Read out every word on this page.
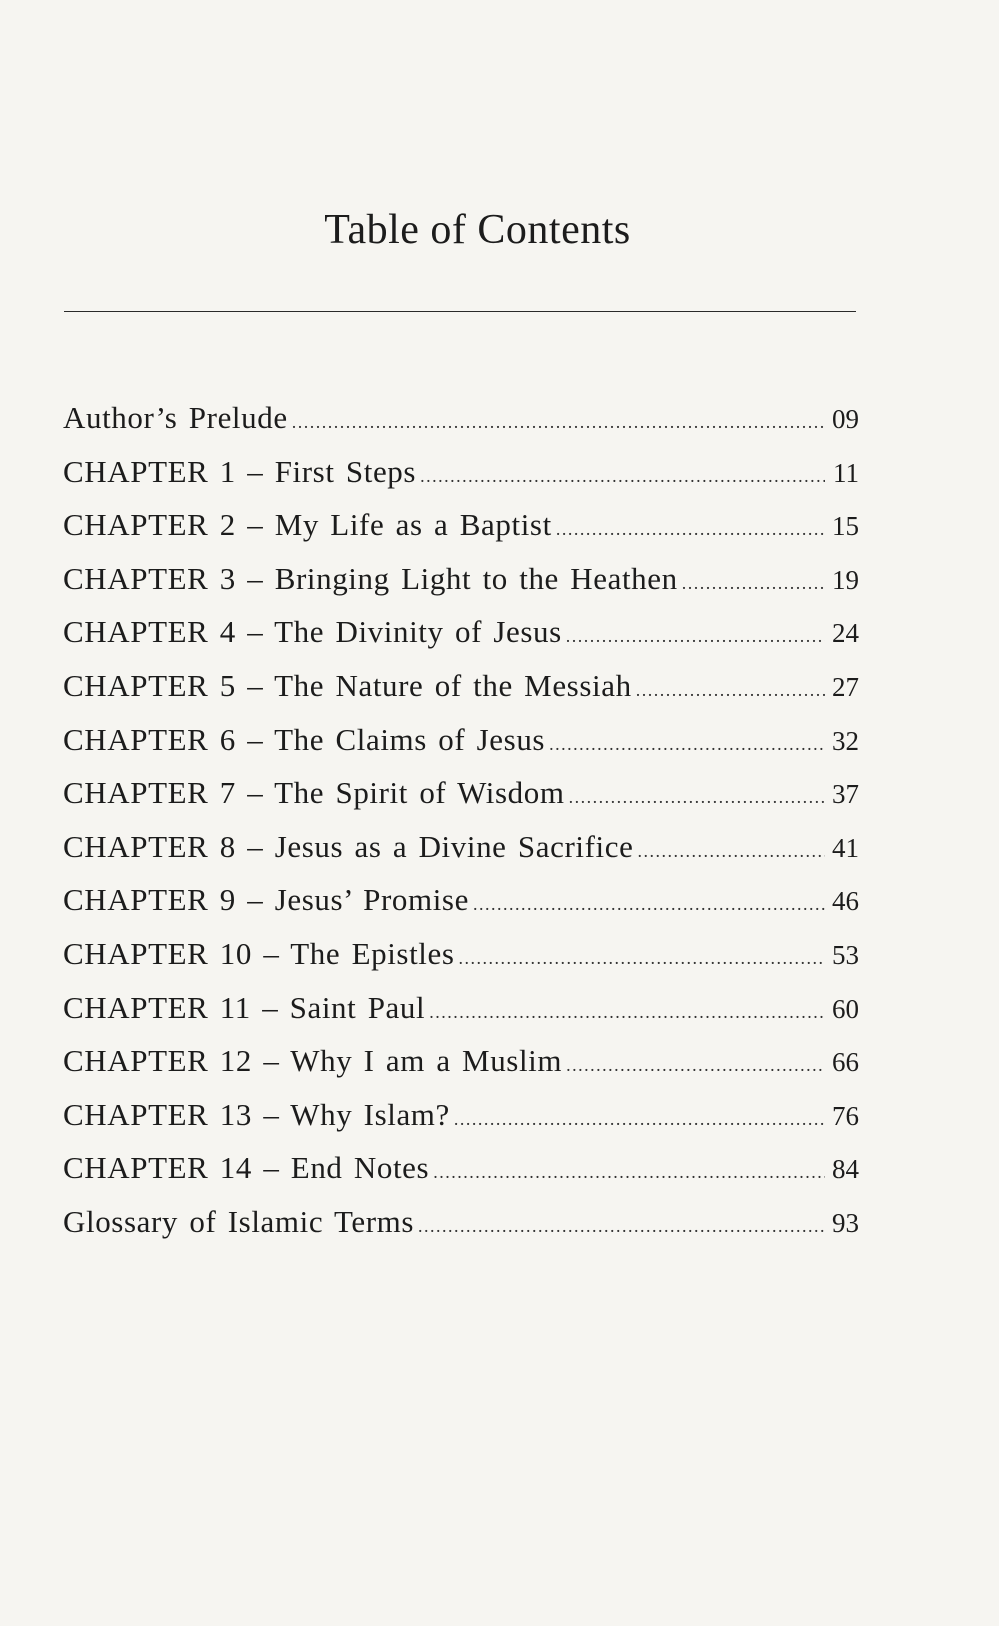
Table of Contents
Author’s Prelude .....	09
CHAPTER 1 – First Steps .....	11
CHAPTER 2 – My Life as a Baptist .....	15
CHAPTER 3 – Bringing Light to the Heathen .....	19
CHAPTER 4 – The Divinity of Jesus .....	24
CHAPTER 5 – The Nature of the Messiah .....	27
CHAPTER 6 – The Claims of Jesus .....	32
CHAPTER 7 – The Spirit of Wisdom .....	37
CHAPTER 8 – Jesus as a Divine Sacrifice .....	41
CHAPTER 9 – Jesus’ Promise .....	46
CHAPTER 10 – The Epistles .....	53
CHAPTER 11 – Saint Paul .....	60
CHAPTER 12 – Why I am a Muslim .....	66
CHAPTER 13 – Why Islam? .....	76
CHAPTER 14 – End Notes .....	84
Glossary of Islamic Terms .....	93
